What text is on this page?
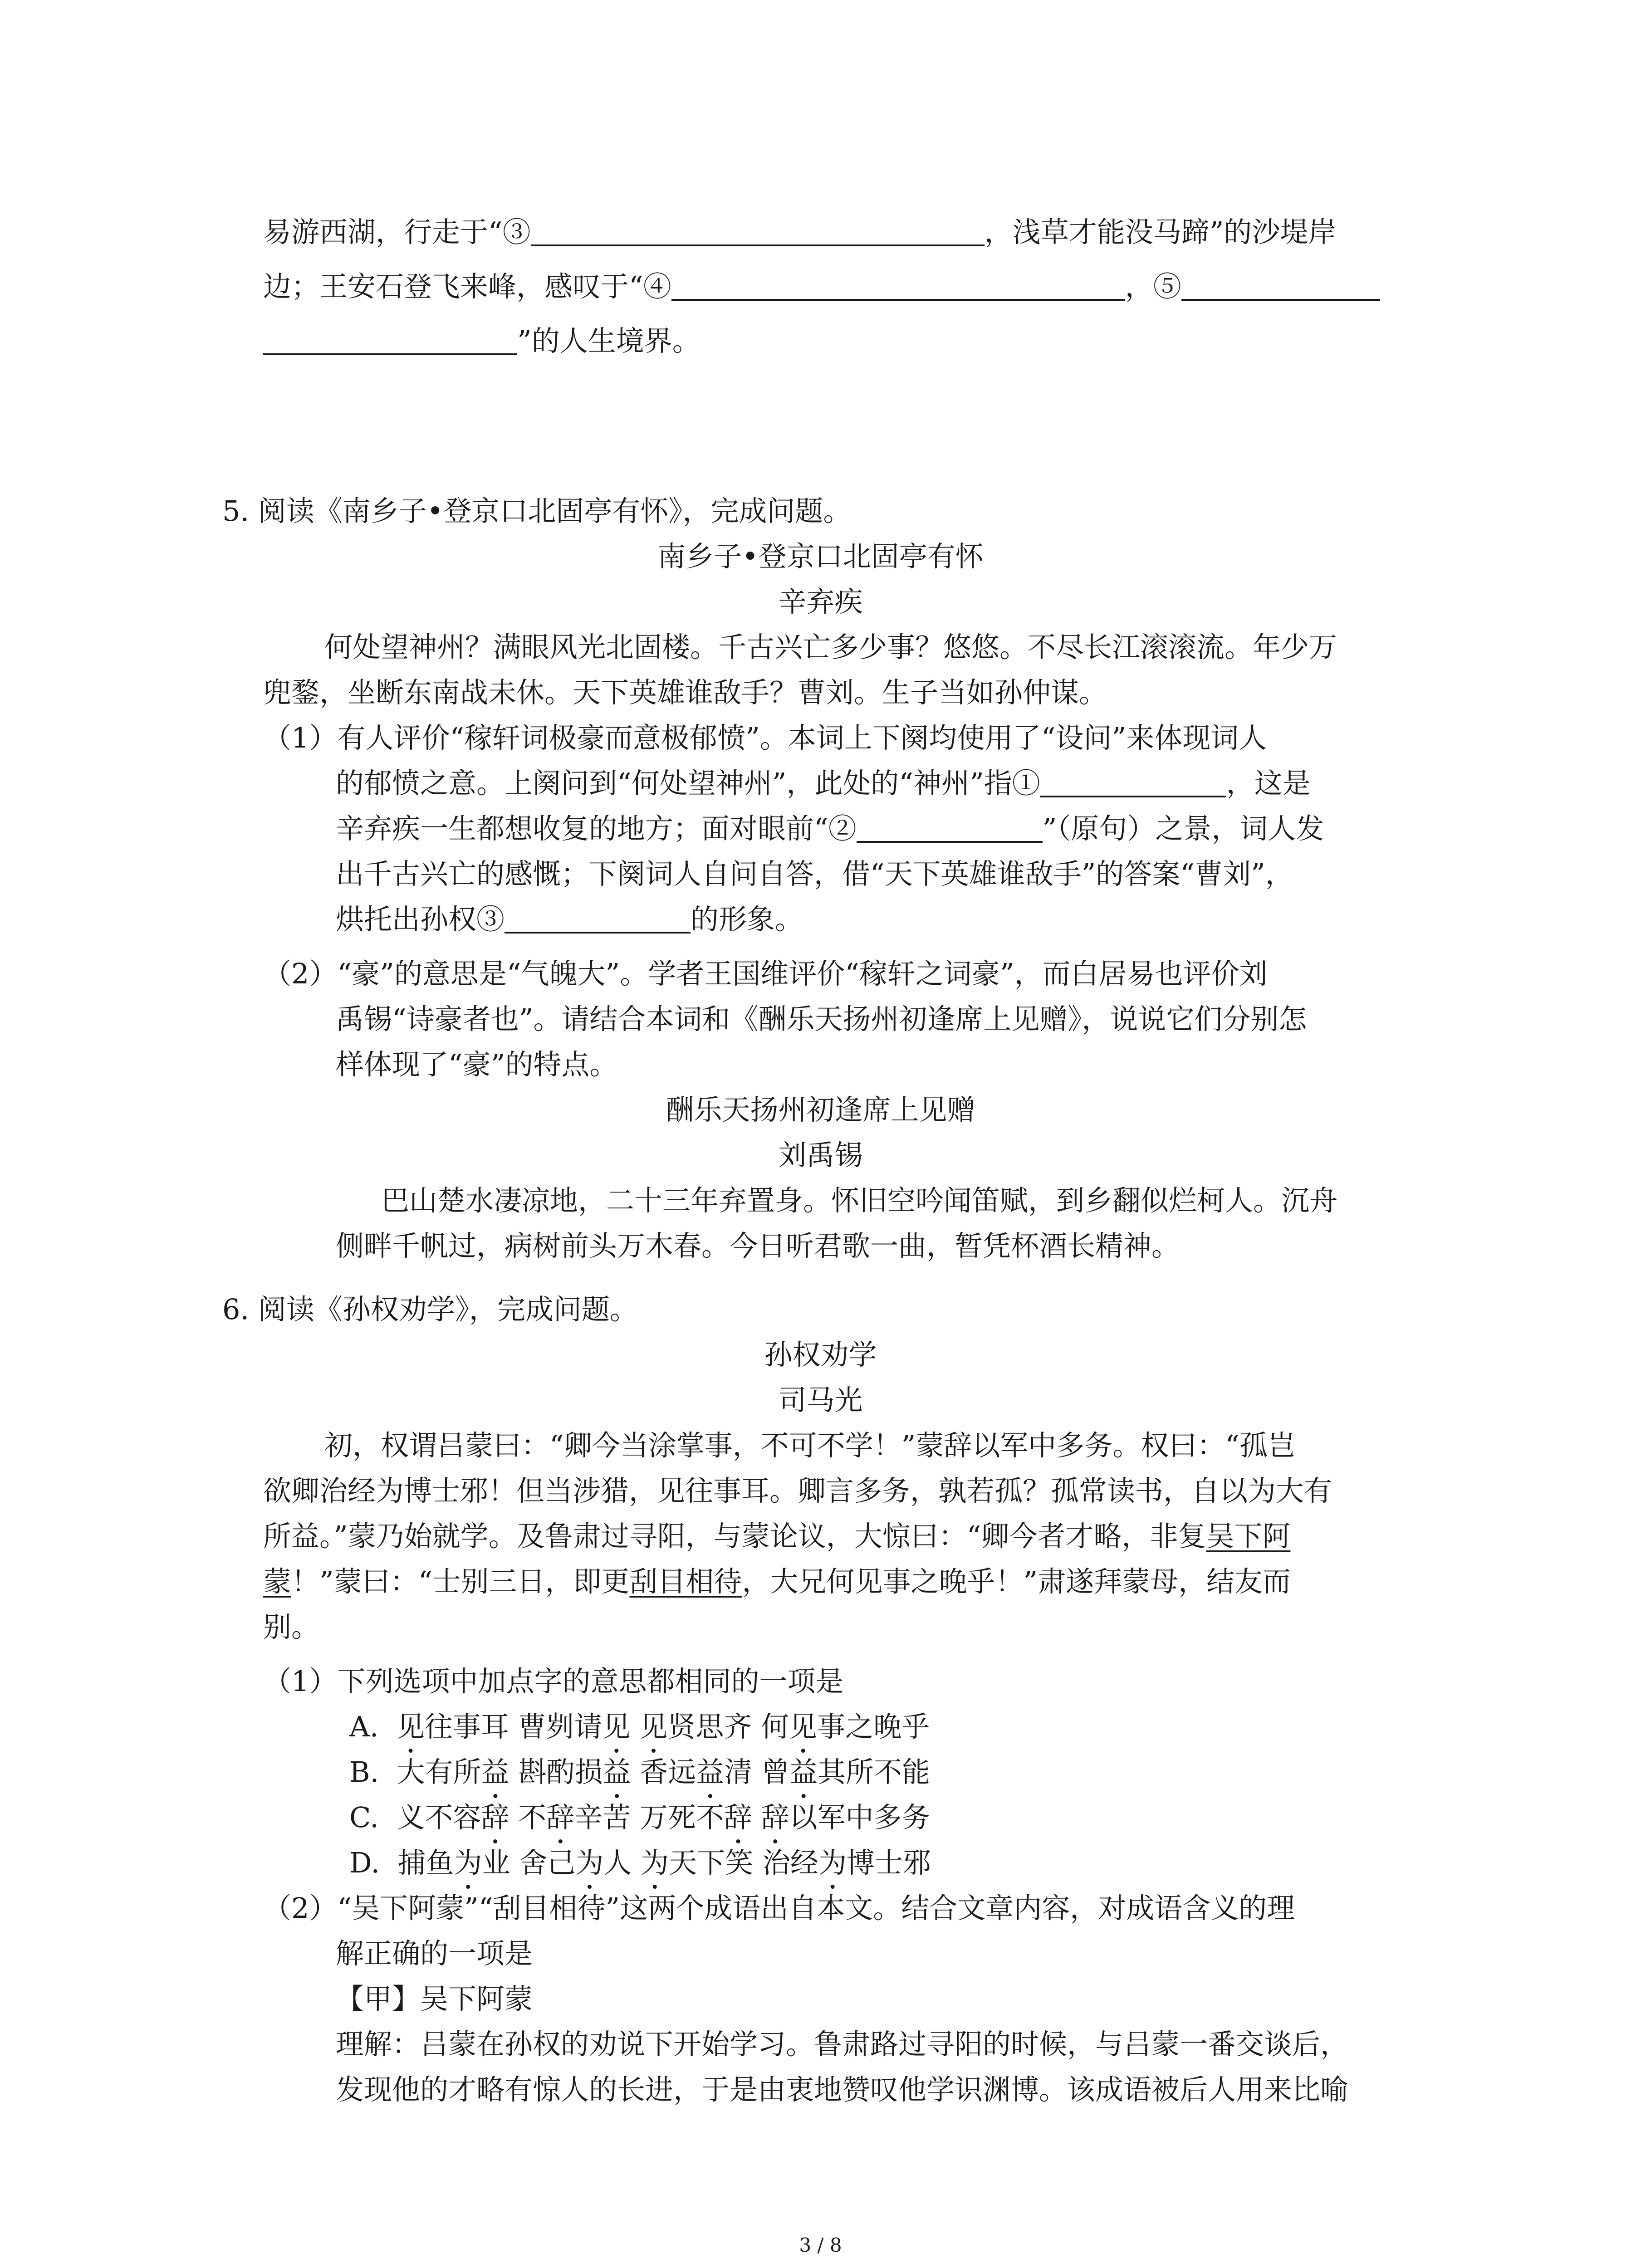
易游西湖，行走于“③	，浅草才能没马蹄”的沙堤岸
边；王安石登飞来峰，感叹于“④	，⑤
”的人生境界。
5. 阅读《南乡子•登京口北固亭有怀》，完成问题。
南乡子•登京口北固亭有怀
辛弃疾
何处望神州？满眼风光北固楼。千古兴亡多少事？悠悠。不尽长江滚滚流。年少万
兜鍪，坐断东南战未休。天下英雄谁敌手？曹刘。生子当如孙仲谋。
（1）有人评价“稼轩词极豪而意极郁愤”。本词上下阕均使用了“设问”来体现词人
的郁愤之意。上阕问到“何处望神州”，此处的“神州”指①	，这是
辛弃疾一生都想收复的地方；面对眼前“②	”（原句）之景，词人发
出千古兴亡的感慨；下阕词人自问自答，借“天下英雄谁敌手”的答案“曹刘”，
烘托出孙权③	的形象。
（2）“豪”的意思是“气魄大”。学者王国维评价“稼轩之词豪”，而白居易也评价刘
禹锡“诗豪者也”。请结合本词和《酬乐天扬州初逢席上见赠》，说说它们分别怎
样体现了“豪”的特点。
酬乐天扬州初逢席上见赠
刘禹锡
巴山楚水凄凉地，二十三年弃置身。怀旧空吟闻笛赋，到乡翻似烂柯人。沉舟
侧畔千帆过，病树前头万木春。今日听君歌一曲，暂凭杯酒长精神。
6. 阅读《孙权劝学》，完成问题。
孙权劝学
司马光
初，权谓吕蒙曰：“卿今当涂掌事，不可不学！”蒙辞以军中多务。权曰：“孤岂
欲卿治经为博士邪！但当涉猎，见往事耳。卿言多务，孰若孤？孤常读书，自以为大有
所益。”蒙乃始就学。及鲁肃过寻阳，与蒙论议，大惊曰：“卿今者才略，非复吴下阿
蒙！”蒙曰：“士别三日，即更刮目相待，大兄何见事之晚乎！”肃遂拜蒙母，结友而
别。
（1）下列选项中加点字的意思都相同的一项是
A. 见往事耳 曹刿请见 见贤思齐 何见事之晚乎
B. 大有所益 斟酌损益 香远益清 曾益其所不能
C. 义不容辞 不辞辛苦 万死不辞 辞以军中多务
D. 捕鱼为业 舍己为人 为天下笑 治经为博士邪
（2）“吴下阿蒙”“刮目相待”这两个成语出自本文。结合文章内容，对成语含义的理
解正确的一项是
【甲】吴下阿蒙
理解：吕蒙在孙权的劝说下开始学习。鲁肃路过寻阳的时候，与吕蒙一番交谈后，
发现他的才略有惊人的长进，于是由衷地赞叹他学识渊博。该成语被后人用来比喻
3 / 8
